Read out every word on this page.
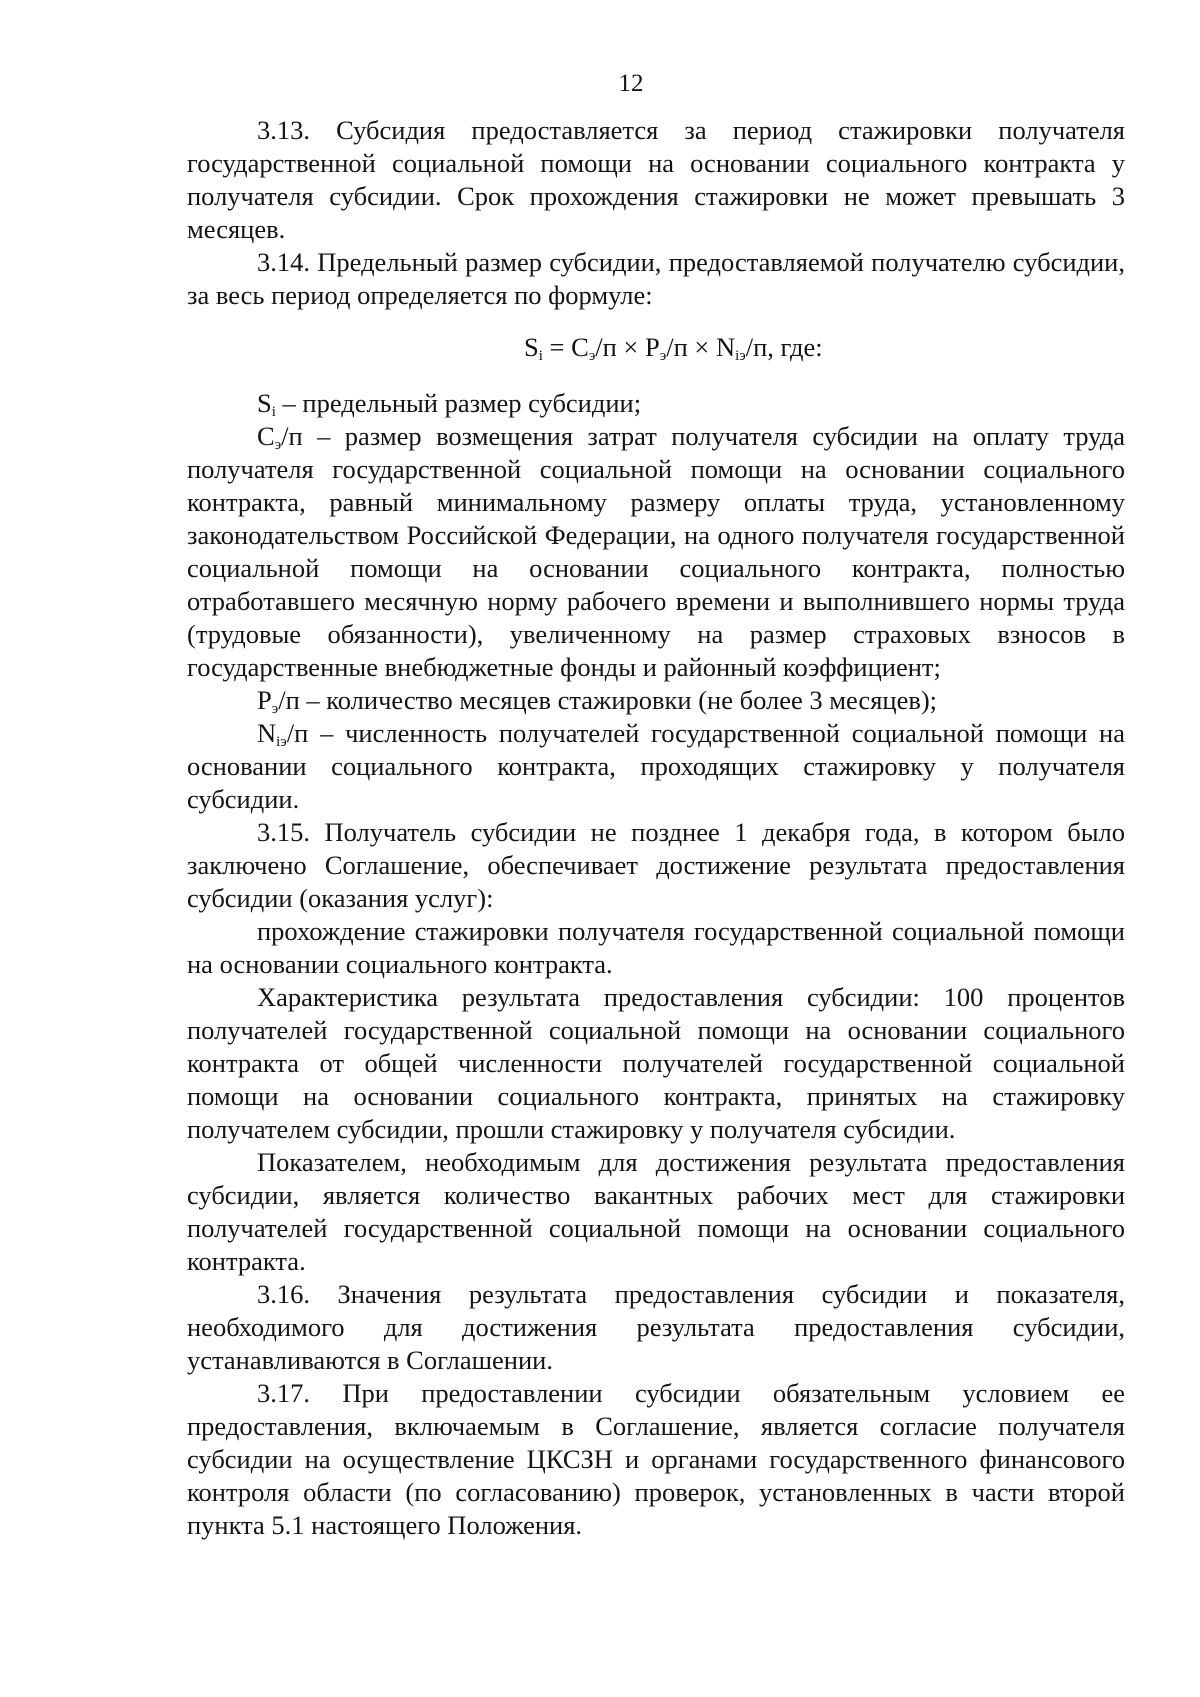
12

3.13. Субсидия предоставляется за период стажировки получателя государственной социальной помощи на основании социального контракта у получателя субсидии. Срок прохождения стажировки не может превышать 3 месяцев.

3.14. Предельный размер субсидии, предоставляемой получателю субсидии, за весь период определяется по формуле:

$S_i = С_э/п \times Р_э/п \times N_{iэ}/п$, где:

$S_i$ – предельный размер субсидии;

$С_э/п$ – размер возмещения затрат получателя субсидии на оплату труда получателя государственной социальной помощи на основании социального контракта, равный минимальному размеру оплаты труда, установленному законодательством Российской Федерации, на одного получателя государственной социальной помощи на основании социального контракта, полностью отработавшего месячную норму рабочего времени и выполнившего нормы труда (трудовые обязанности), увеличенному на размер страховых взносов в государственные внебюджетные фонды и районный коэффициент;

$Р_э/п$ – количество месяцев стажировки (не более 3 месяцев);

$N_{iэ}/п$ – численность получателей государственной социальной помощи на основании социального контракта, проходящих стажировку у получателя субсидии.

3.15. Получатель субсидии не позднее 1 декабря года, в котором было заключено Соглашение, обеспечивает достижение результата предоставления субсидии (оказания услуг):

прохождение стажировки получателя государственной социальной помощи на основании социального контракта.

Характеристика результата предоставления субсидии: 100 процентов получателей государственной социальной помощи на основании социального контракта от общей численности получателей государственной социальной помощи на основании социального контракта, принятых на стажировку получателем субсидии, прошли стажировку у получателя субсидии.

Показателем, необходимым для достижения результата предоставления субсидии, является количество вакантных рабочих мест для стажировки получателей государственной социальной помощи на основании социального контракта.

3.16. Значения результата предоставления субсидии и показателя, необходимого для достижения результата предоставления субсидии, устанавливаются в Соглашении.

3.17. При предоставлении субсидии обязательным условием ее предоставления, включаемым в Соглашение, является согласие получателя субсидии на осуществление ЦКСЗН и органами государственного финансового контроля области (по согласованию) проверок, установленных в части второй пункта 5.1 настоящего Положения.
